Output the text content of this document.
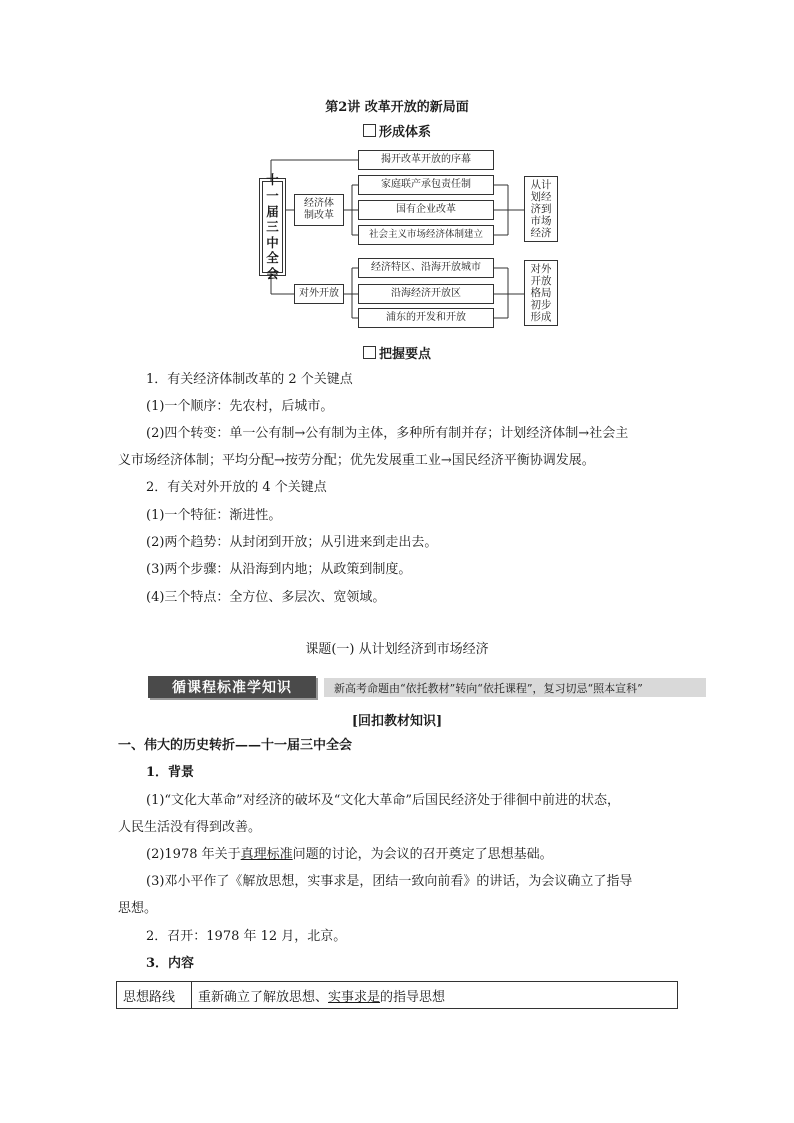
第2讲 改革开放的新局面
形成体系
十
一
届
三
中
全
会
揭开改革开放的序幕
经济体制改革
家庭联产承包责任制
国有企业改革
社会主义市场经济体制建立
从计
划经
济到
市场
经济
对外开放
经济特区、沿海开放城市
沿海经济开放区
浦东的开发和开放
对外
开放
格局
初步
形成
把握要点
1．有关经济体制改革的 2 个关键点
(1)一个顺序：先农村，后城市。
(2)四个转变：单一公有制→公有制为主体，多种所有制并存；计划经济体制→社会主
义市场经济体制；平均分配→按劳分配；优先发展重工业→国民经济平衡协调发展。
2．有关对外开放的 4 个关键点
(1)一个特征：渐进性。
(2)两个趋势：从封闭到开放；从引进来到走出去。
(3)两个步骤：从沿海到内地；从政策到制度。
(4)三个特点：全方位、多层次、宽领域。
课题(一) 从计划经济到市场经济
循课程标准学知识	新高考命题由“依托教材”转向“依托课程”，复习切忌“照本宣科”
[回扣教材知识]
一、伟大的历史转折——十一届三中全会
1．背景
(1)“文化大革命”对经济的破坏及“文化大革命”后国民经济处于徘徊中前进的状态，
人民生活没有得到改善。
(2)1978 年关于真理标准问题的讨论，为会议的召开奠定了思想基础。
(3)邓小平作了《解放思想，实事求是，团结一致向前看》的讲话，为会议确立了指导
思想。
2．召开：1978 年 12 月，北京。
3．内容
思想路线	重新确立了解放思想、实事求是的指导思想
